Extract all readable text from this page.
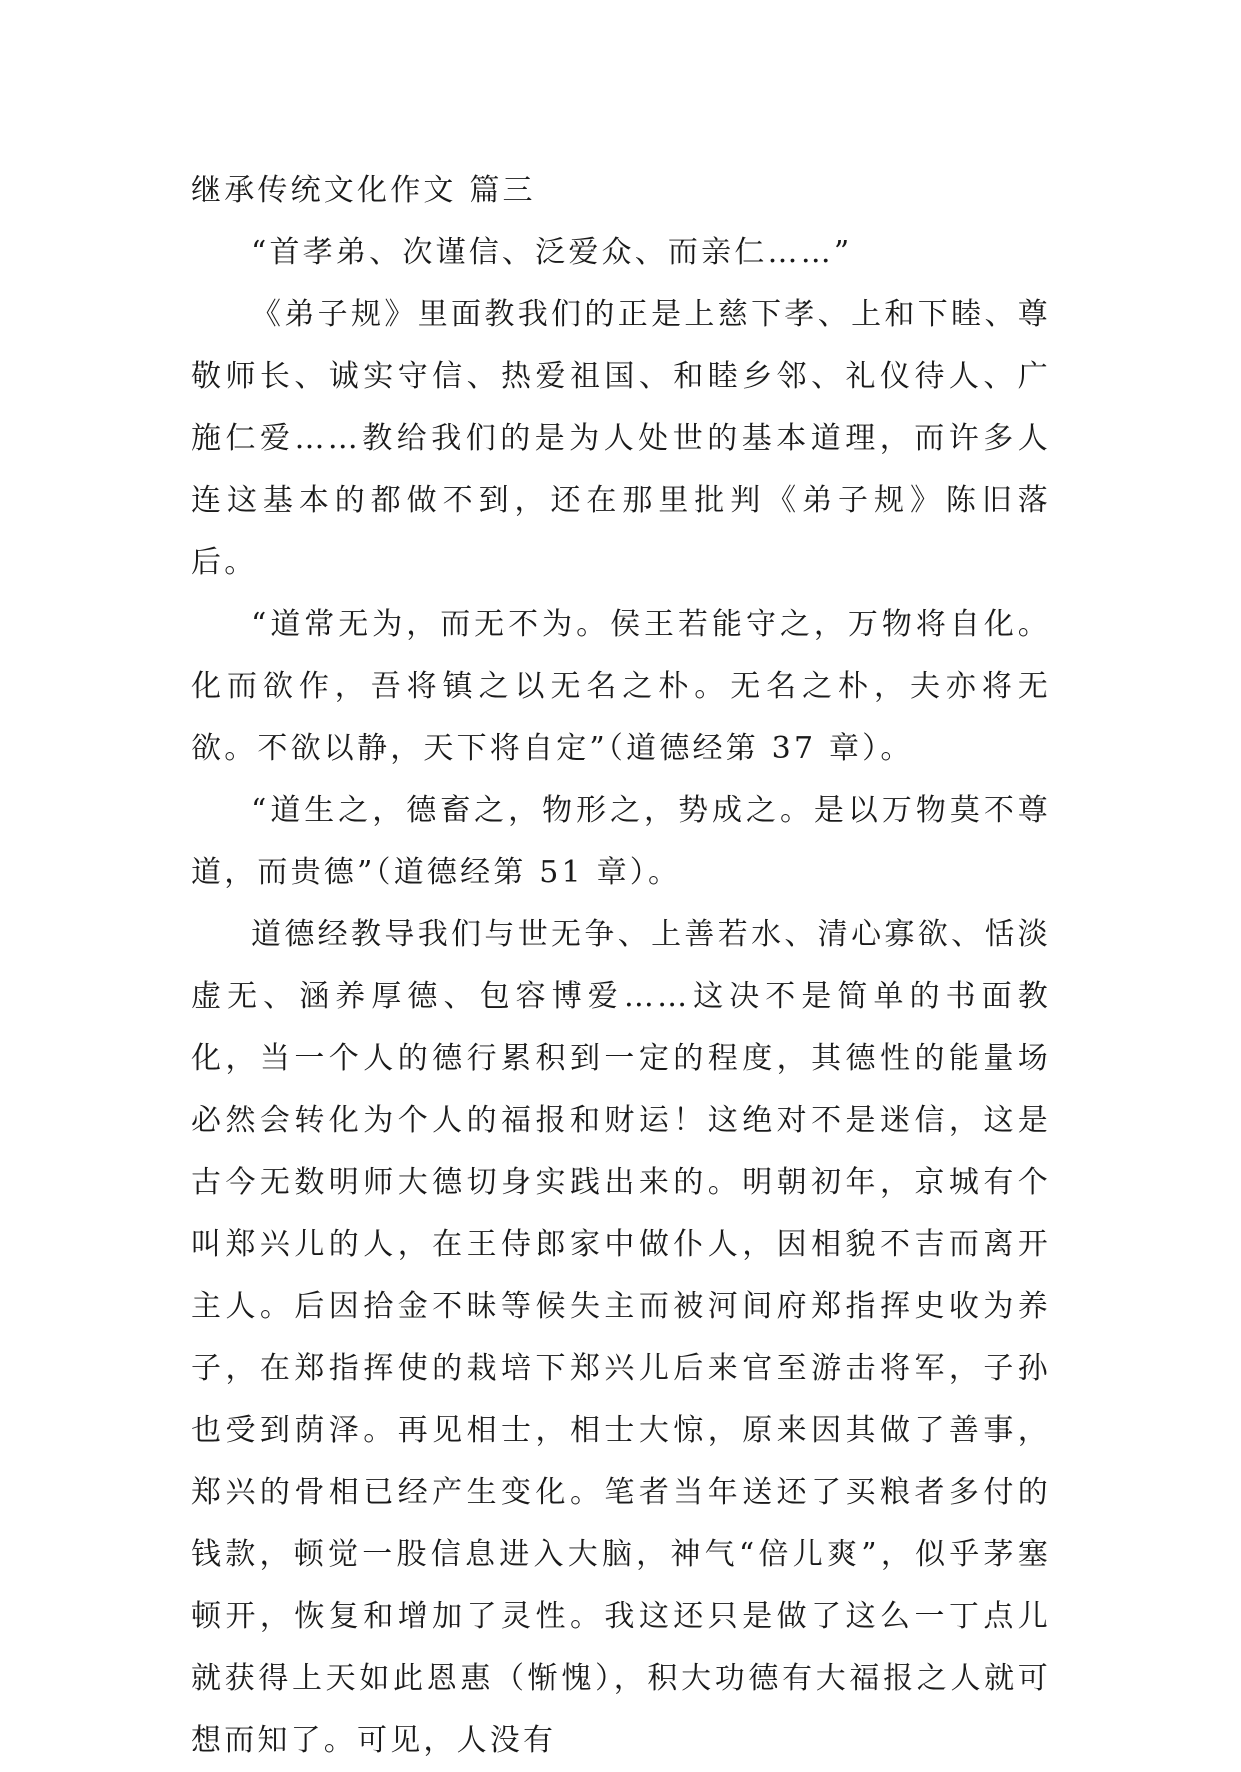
继承传统文化作文 篇三

“首孝弟、次谨信、泛爱众、而亲仁……”

《弟子规》里面教我们的正是上慈下孝、上和下睦、尊敬师长、诚实守信、热爱祖国、和睦乡邻、礼仪待人、广施仁爱……教给我们的是为人处世的基本道理，而许多人连这基本的都做不到，还在那里批判《弟子规》陈旧落后。

“道常无为，而无不为。侯王若能守之，万物将自化。化而欲作，吾将镇之以无名之朴。无名之朴，夫亦将无欲。不欲以静，天下将自定”（道德经第 37 章）。

“道生之，德畜之，物形之，势成之。是以万物莫不尊道，而贵德”（道德经第 51 章）。

道德经教导我们与世无争、上善若水、清心寡欲、恬淡虚无、涵养厚德、包容博爱……这决不是简单的书面教化，当一个人的德行累积到一定的程度，其德性的能量场必然会转化为个人的福报和财运！这绝对不是迷信，这是古今无数明师大德切身实践出来的。明朝初年，京城有个叫郑兴儿的人，在王侍郎家中做仆人，因相貌不吉而离开主人。后因拾金不昧等候失主而被河间府郑指挥史收为养子，在郑指挥使的栽培下郑兴儿后来官至游击将军，子孙也受到荫泽。再见相士，相士大惊，原来因其做了善事，郑兴的骨相已经产生变化。笔者当年送还了买粮者多付的钱款，顿觉一股信息进入大脑，神气“倍儿爽”，似乎茅塞顿开，恢复和增加了灵性。我这还只是做了这么一丁点儿就获得上天如此恩惠（惭愧），积大功德有大福报之人就可想而知了。可见，人没有
